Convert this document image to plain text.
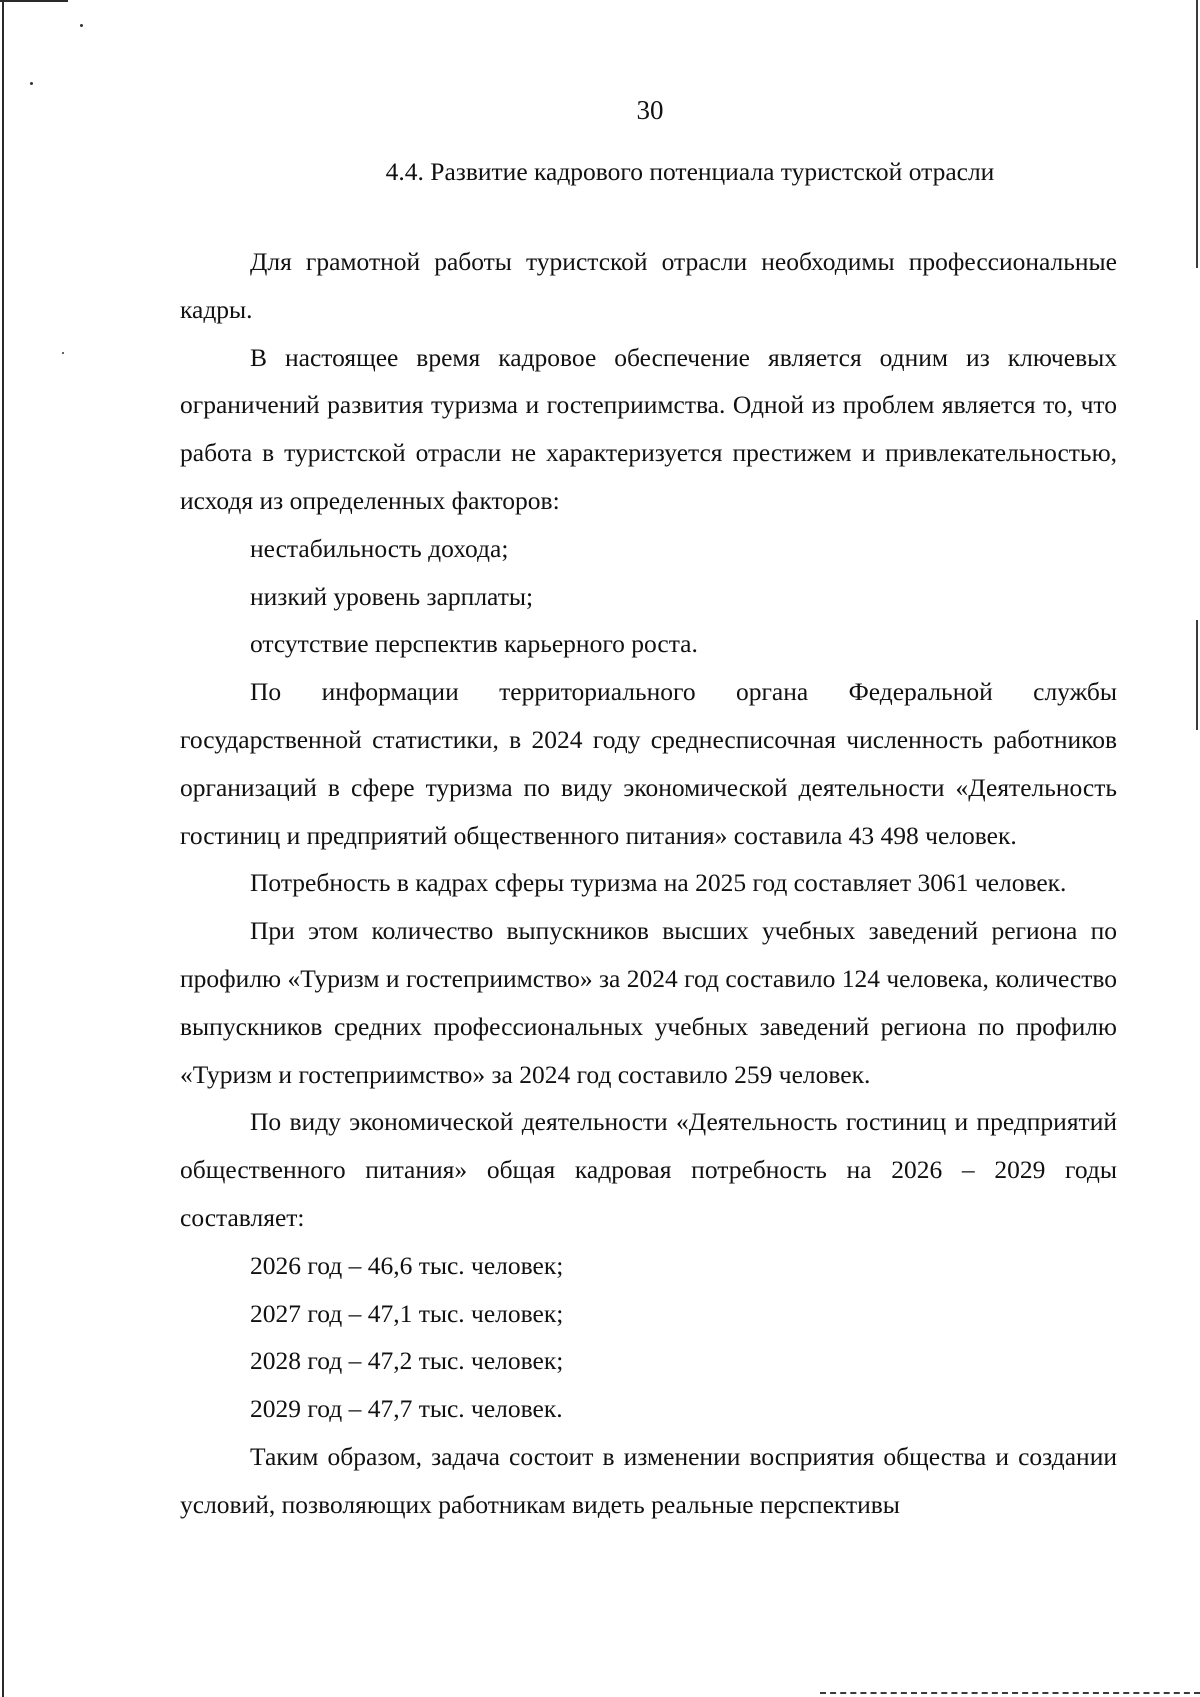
30
4.4. Развитие кадрового потенциала туристской отрасли

Для грамотной работы туристской отрасли необходимы профессиональные кадры.

В настоящее время кадровое обеспечение является одним из ключевых ограничений развития туризма и гостеприимства. Одной из проблем является то, что работа в туристской отрасли не характеризуется престижем и привлекательностью, исходя из определенных факторов:

нестабильность дохода;

низкий уровень зарплаты;

отсутствие перспектив карьерного роста.

По информации территориального органа Федеральной службы государственной статистики, в 2024 году среднесписочная численность работников организаций в сфере туризма по виду экономической деятельности «Деятельность гостиниц и предприятий общественного питания» составила 43 498 человек.

Потребность в кадрах сферы туризма на 2025 год составляет 3061 человек.

При этом количество выпускников высших учебных заведений региона по профилю «Туризм и гостеприимство» за 2024 год составило 124 человека, количество выпускников средних профессиональных учебных заведений региона по профилю «Туризм и гостеприимство» за 2024 год составило 259 человек.

По виду экономической деятельности «Деятельность гостиниц и предприятий общественного питания» общая кадровая потребность на 2026 – 2029 годы составляет:

2026 год – 46,6 тыс. человек;

2027 год – 47,1 тыс. человек;

2028 год – 47,2 тыс. человек;

2029 год – 47,7 тыс. человек.

Таким образом, задача состоит в изменении восприятия общества и создании условий, позволяющих работникам видеть реальные перспективы
